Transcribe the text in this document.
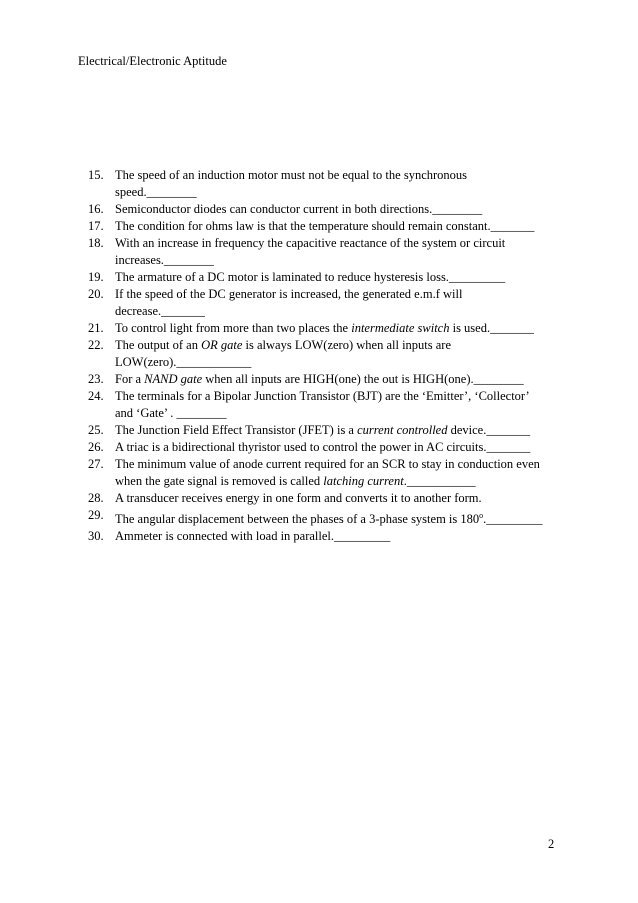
Electrical/Electronic Aptitude
15. The speed of an induction motor must not be equal to the synchronous
speed.________
16. Semiconductor diodes can conductor current in both directions.________
17. The condition for ohms law is that the temperature should remain constant._______
18. With an increase in frequency the capacitive reactance of the system or circuit
increases.________
19. The armature of a DC motor is laminated to reduce hysteresis loss._________
20. If the speed of the DC generator is increased, the generated e.m.f will
decrease._______
21. To control light from more than two places the intermediate switch is used._______
22. The output of an OR gate is always LOW(zero) when all inputs are
LOW(zero).____________
23. For a NAND gate when all inputs are HIGH(one) the out is HIGH(one).________
24. The terminals for a Bipolar Junction Transistor (BJT) are the ‘Emitter’, ‘Collector’
and ‘Gate’ . ________
25. The Junction Field Effect Transistor (JFET) is a current controlled device._______
26. A triac is a bidirectional thyristor used to control the power in AC circuits._______
27. The minimum value of anode current required for an SCR to stay in conduction even
when the gate signal is removed is called latching current.___________
28. A transducer receives energy in one form and converts it to another form.
29. The angular displacement between the phases of a 3-phase system is 180$^o$._________
30. Ammeter is connected with load in parallel._________
2
